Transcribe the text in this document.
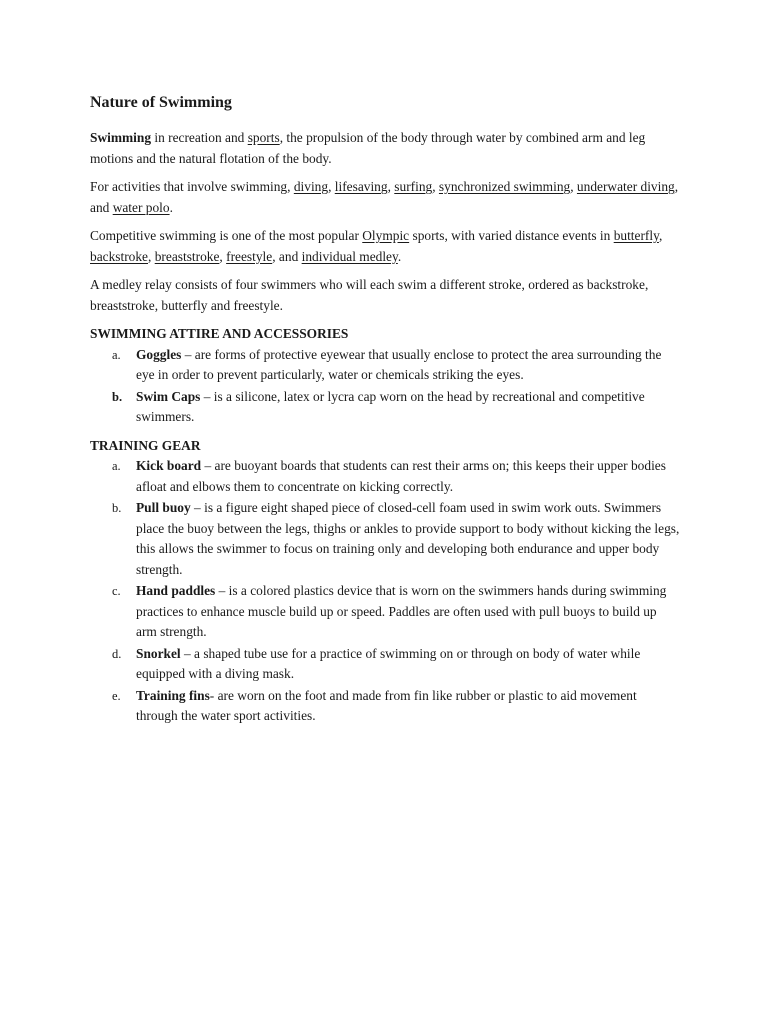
Nature of Swimming

Swimming in recreation and sports, the propulsion of the body through water by combined arm and leg motions and the natural flotation of the body.

For activities that involve swimming, diving, lifesaving, surfing, synchronized swimming, underwater diving, and water polo.

Competitive swimming is one of the most popular Olympic sports, with varied distance events in butterfly, backstroke, breaststroke, freestyle, and individual medley.

A medley relay consists of four swimmers who will each swim a different stroke, ordered as backstroke, breaststroke, butterfly and freestyle.

SWIMMING ATTIRE AND ACCESSORIES
a. Goggles – are forms of protective eyewear that usually enclose to protect the area surrounding the eye in order to prevent particularly, water or chemicals striking the eyes.
b. Swim Caps – is a silicone, latex or lycra cap worn on the head by recreational and competitive swimmers.
TRAINING GEAR
a. Kick board – are buoyant boards that students can rest their arms on; this keeps their upper bodies afloat and elbows them to concentrate on kicking correctly.
b. Pull buoy – is a figure eight shaped piece of closed-cell foam used in swim work outs. Swimmers place the buoy between the legs, thighs or ankles to provide support to body without kicking the legs, this allows the swimmer to focus on training only and developing both endurance and upper body strength.
c. Hand paddles – is a colored plastics device that is worn on the swimmers hands during swimming practices to enhance muscle build up or speed. Paddles are often used with pull buoys to build up arm strength.
d. Snorkel – a shaped tube use for a practice of swimming on or through on body of water while equipped with a diving mask.
e. Training fins- are worn on the foot and made from fin like rubber or plastic to aid movement through the water sport activities.
